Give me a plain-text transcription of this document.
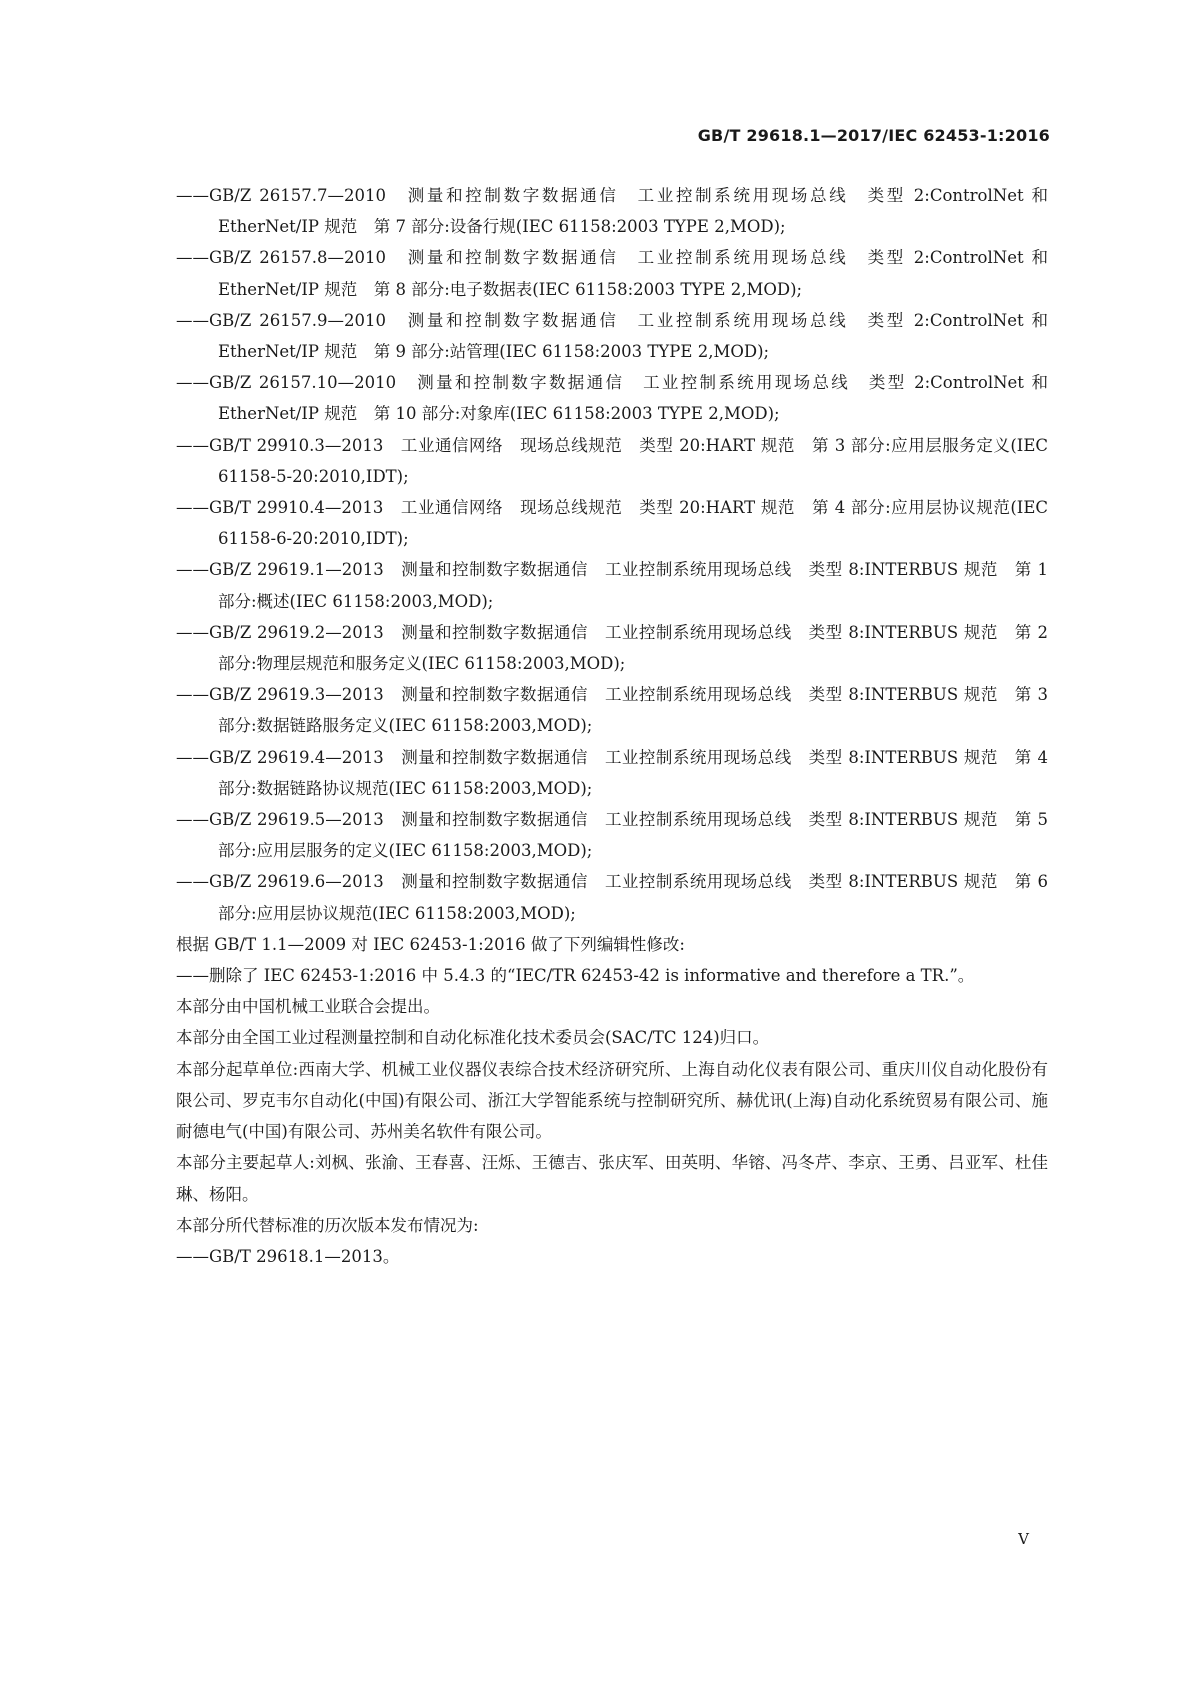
GB/T 29618.1—2017/IEC 62453-1:2016

——GB/Z 26157.7—2010　测量和控制数字数据通信　工业控制系统用现场总线　类型 2:ControlNet 和 EtherNet/IP 规范　第 7 部分:设备行规(IEC 61158:2003 TYPE 2,MOD);

——GB/Z 26157.8—2010　测量和控制数字数据通信　工业控制系统用现场总线　类型 2:ControlNet 和 EtherNet/IP 规范　第 8 部分:电子数据表(IEC 61158:2003 TYPE 2,MOD);

——GB/Z 26157.9—2010　测量和控制数字数据通信　工业控制系统用现场总线　类型 2:ControlNet 和 EtherNet/IP 规范　第 9 部分:站管理(IEC 61158:2003 TYPE 2,MOD);

——GB/Z 26157.10—2010　测量和控制数字数据通信　工业控制系统用现场总线　类型 2:ControlNet 和 EtherNet/IP 规范　第 10 部分:对象库(IEC 61158:2003 TYPE 2,MOD);

——GB/T 29910.3—2013　工业通信网络　现场总线规范　类型 20:HART 规范　第 3 部分:应用层服务定义(IEC 61158-5-20:2010,IDT);

——GB/T 29910.4—2013　工业通信网络　现场总线规范　类型 20:HART 规范　第 4 部分:应用层协议规范(IEC 61158-6-20:2010,IDT);

——GB/Z 29619.1—2013　测量和控制数字数据通信　工业控制系统用现场总线　类型 8:INTERBUS 规范　第 1 部分:概述(IEC 61158:2003,MOD);

——GB/Z 29619.2—2013　测量和控制数字数据通信　工业控制系统用现场总线　类型 8:INTERBUS 规范　第 2 部分:物理层规范和服务定义(IEC 61158:2003,MOD);

——GB/Z 29619.3—2013　测量和控制数字数据通信　工业控制系统用现场总线　类型 8:INTERBUS 规范　第 3 部分:数据链路服务定义(IEC 61158:2003,MOD);

——GB/Z 29619.4—2013　测量和控制数字数据通信　工业控制系统用现场总线　类型 8:INTERBUS 规范　第 4 部分:数据链路协议规范(IEC 61158:2003,MOD);

——GB/Z 29619.5—2013　测量和控制数字数据通信　工业控制系统用现场总线　类型 8:INTERBUS 规范　第 5 部分:应用层服务的定义(IEC 61158:2003,MOD);

——GB/Z 29619.6—2013　测量和控制数字数据通信　工业控制系统用现场总线　类型 8:INTERBUS 规范　第 6 部分:应用层协议规范(IEC 61158:2003,MOD);

根据 GB/T 1.1—2009 对 IEC 62453-1:2016 做了下列编辑性修改:

——删除了 IEC 62453-1:2016 中 5.4.3 的“IEC/TR 62453-42 is informative and therefore a TR.”。

本部分由中国机械工业联合会提出。

本部分由全国工业过程测量控制和自动化标准化技术委员会(SAC/TC 124)归口。

本部分起草单位:西南大学、机械工业仪器仪表综合技术经济研究所、上海自动化仪表有限公司、重庆川仪自动化股份有限公司、罗克韦尔自动化(中国)有限公司、浙江大学智能系统与控制研究所、赫优讯(上海)自动化系统贸易有限公司、施耐德电气(中国)有限公司、苏州美名软件有限公司。

本部分主要起草人:刘枫、张渝、王春喜、汪烁、王德吉、张庆军、田英明、华镕、冯冬芹、李京、王勇、吕亚军、杜佳琳、杨阳。

本部分所代替标准的历次版本发布情况为:

——GB/T 29618.1—2013。

V
